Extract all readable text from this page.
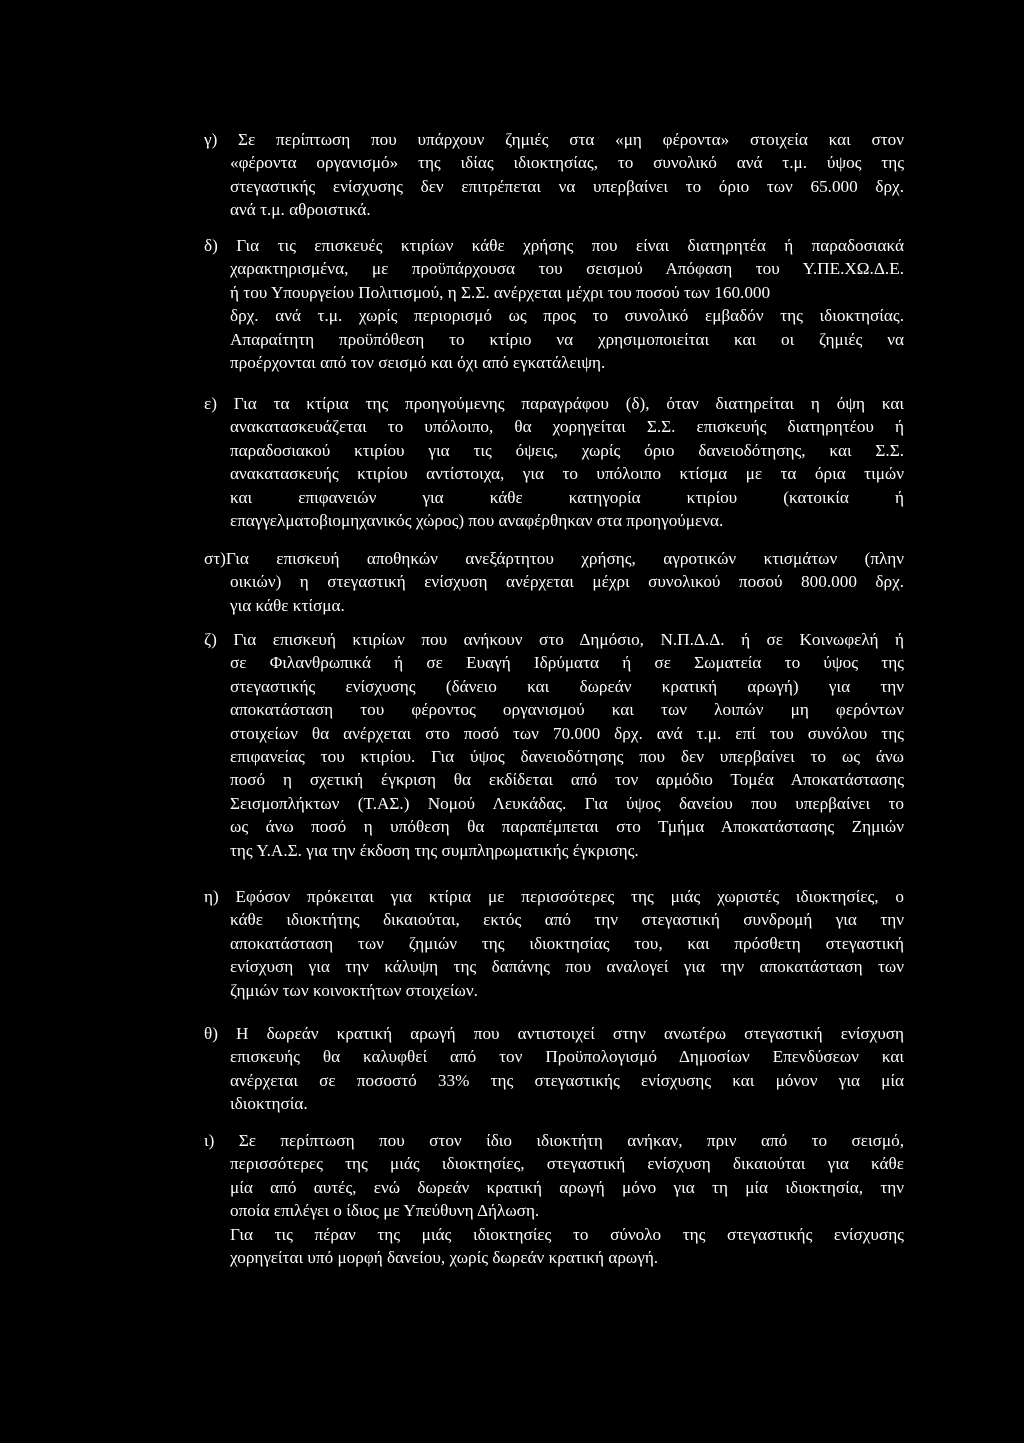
γ) Σε περίπτωση που υπάρχουν ζημιές στα «μη φέροντα» στοιχεία και στον
«φέροντα οργανισμό» της ιδίας ιδιοκτησίας, το συνολικό ανά τ.μ. ύψος της
στεγαστικής ενίσχυσης δεν επιτρέπεται να υπερβαίνει το όριο των 65.000 δρχ.
ανά τ.μ. αθροιστικά.
δ) Για τις επισκευές κτιρίων κάθε χρήσης που είναι διατηρητέα ή παραδοσιακά
χαρακτηρισμένα, με προϋπάρχουσα του σεισμού Απόφαση του Υ.ΠΕ.ΧΩ.Δ.Ε.
ή του Υπουργείου Πολιτισμού, η Σ.Σ. ανέρχεται μέχρι του ποσού των 160.000
δρχ. ανά τ.μ. χωρίς περιορισμό ως προς το συνολικό εμβαδόν της ιδιοκτησίας.
Απαραίτητη προϋπόθεση το κτίριο να χρησιμοποιείται και οι ζημιές να
προέρχονται από τον σεισμό και όχι από εγκατάλειψη.
ε) Για τα κτίρια της προηγούμενης παραγράφου (δ), όταν διατηρείται η όψη και
ανακατασκευάζεται το υπόλοιπο, θα χορηγείται Σ.Σ. επισκευής διατηρητέου ή
παραδοσιακού κτιρίου για τις όψεις, χωρίς όριο δανειοδότησης, και Σ.Σ.
ανακατασκευής κτιρίου αντίστοιχα, για το υπόλοιπο κτίσμα με τα όρια τιμών
και επιφανειών για κάθε κατηγορία κτιρίου (κατοικία ή
επαγγελματοβιομηχανικός χώρος) που αναφέρθηκαν στα προηγούμενα.
στ)Για επισκευή αποθηκών ανεξάρτητου χρήσης, αγροτικών κτισμάτων (πλην
οικιών) η στεγαστική ενίσχυση ανέρχεται μέχρι συνολικού ποσού 800.000 δρχ.
για κάθε κτίσμα.
ζ) Για επισκευή κτιρίων που ανήκουν στο Δημόσιο, Ν.Π.Δ.Δ. ή σε Κοινωφελή ή
σε Φιλανθρωπικά ή σε Ευαγή Ιδρύματα ή σε Σωματεία το ύψος της
στεγαστικής ενίσχυσης (δάνειο και δωρεάν κρατική αρωγή) για την
αποκατάσταση του φέροντος οργανισμού και των λοιπών μη φερόντων
στοιχείων θα ανέρχεται στο ποσό των 70.000 δρχ. ανά τ.μ. επί του συνόλου της
επιφανείας του κτιρίου. Για ύψος δανειοδότησης που δεν υπερβαίνει το ως άνω
ποσό η σχετική έγκριση θα εκδίδεται από τον αρμόδιο Τομέα Αποκατάστασης
Σεισμοπλήκτων (Τ.ΑΣ.) Νομού Λευκάδας. Για ύψος δανείου που υπερβαίνει το
ως άνω ποσό η υπόθεση θα παραπέμπεται στο Τμήμα Αποκατάστασης Ζημιών
της Υ.Α.Σ. για την έκδοση της συμπληρωματικής έγκρισης.
η) Εφόσον πρόκειται για κτίρια με περισσότερες της μιάς χωριστές ιδιοκτησίες, ο
κάθε ιδιοκτήτης δικαιούται, εκτός από την στεγαστική συνδρομή για την
αποκατάσταση των ζημιών της ιδιοκτησίας του, και πρόσθετη στεγαστική
ενίσχυση για την κάλυψη της δαπάνης που αναλογεί για την αποκατάσταση των
ζημιών των κοινοκτήτων στοιχείων.
θ) Η δωρεάν κρατική αρωγή που αντιστοιχεί στην ανωτέρω στεγαστική ενίσχυση
επισκευής θα καλυφθεί από τον Προϋπολογισμό Δημοσίων Επενδύσεων και
ανέρχεται σε ποσοστό 33% της στεγαστικής ενίσχυσης και μόνον για μία
ιδιοκτησία.
ι) Σε περίπτωση που στον ίδιο ιδιοκτήτη ανήκαν, πριν από το σεισμό,
περισσότερες της μιάς ιδιοκτησίες, στεγαστική ενίσχυση δικαιούται για κάθε
μία από αυτές, ενώ δωρεάν κρατική αρωγή μόνο για τη μία ιδιοκτησία, την
οποία επιλέγει ο ίδιος με Υπεύθυνη Δήλωση.
Για τις πέραν της μιάς ιδιοκτησίες το σύνολο της στεγαστικής ενίσχυσης
χορηγείται υπό μορφή δανείου, χωρίς δωρεάν κρατική αρωγή.
